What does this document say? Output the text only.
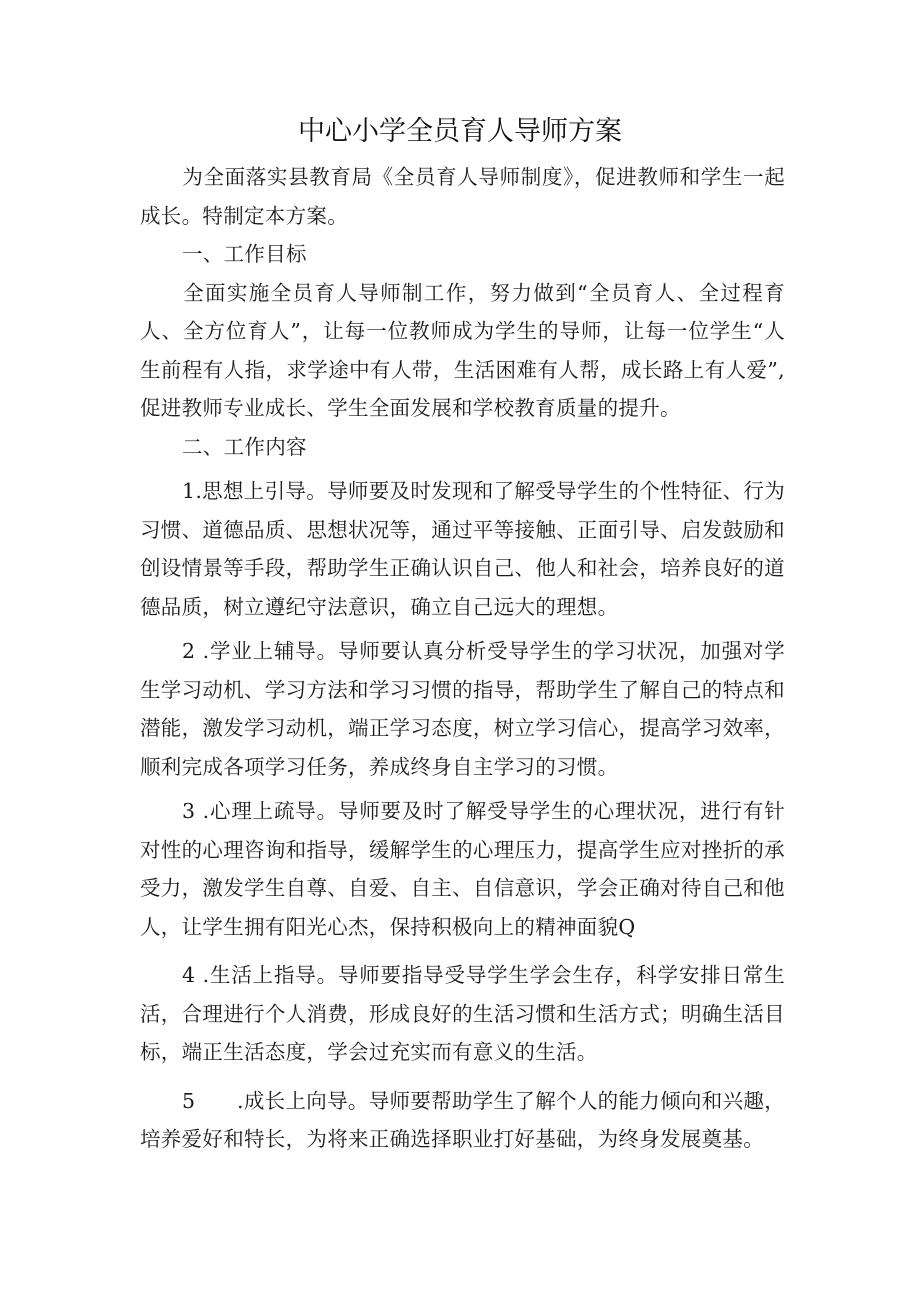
中心小学全员育人导师方案

为全面落实县教育局《全员育人导师制度》，促进教师和学生一起成长。特制定本方案。

一、工作目标

全面实施全员育人导师制工作，努力做到“全员育人、全过程育人、全方位育人”，让每一位教师成为学生的导师，让每一位学生“人生前程有人指，求学途中有人带，生活困难有人帮，成长路上有人爱”,促进教师专业成长、学生全面发展和学校教育质量的提升。

二、工作内容

1.思想上引导。导师要及时发现和了解受导学生的个性特征、行为习惯、道德品质、思想状况等，通过平等接触、正面引导、启发鼓励和创设情景等手段，帮助学生正确认识自己、他人和社会，培养良好的道德品质，树立遵纪守法意识，确立自己远大的理想。

2 .学业上辅导。导师要认真分析受导学生的学习状况，加强对学生学习动机、学习方法和学习习惯的指导，帮助学生了解自己的特点和潜能，激发学习动机，端正学习态度，树立学习信心，提高学习效率，顺利完成各项学习任务，养成终身自主学习的习惯。

3 .心理上疏导。导师要及时了解受导学生的心理状况，进行有针对性的心理咨询和指导，缓解学生的心理压力，提高学生应对挫折的承受力，激发学生自尊、自爱、自主、自信意识，学会正确对待自己和他人，让学生拥有阳光心杰，保持积极向上的精神面貌Q

4 .生活上指导。导师要指导受导学生学会生存，科学安排日常生活，合理进行个人消费，形成良好的生活习惯和生活方式；明确生活目标，端正生活态度，学会过充实而有意义的生活。

5　　.成长上向导。导师要帮助学生了解个人的能力倾向和兴趣，培养爱好和特长，为将来正确选择职业打好基础，为终身发展奠基。
